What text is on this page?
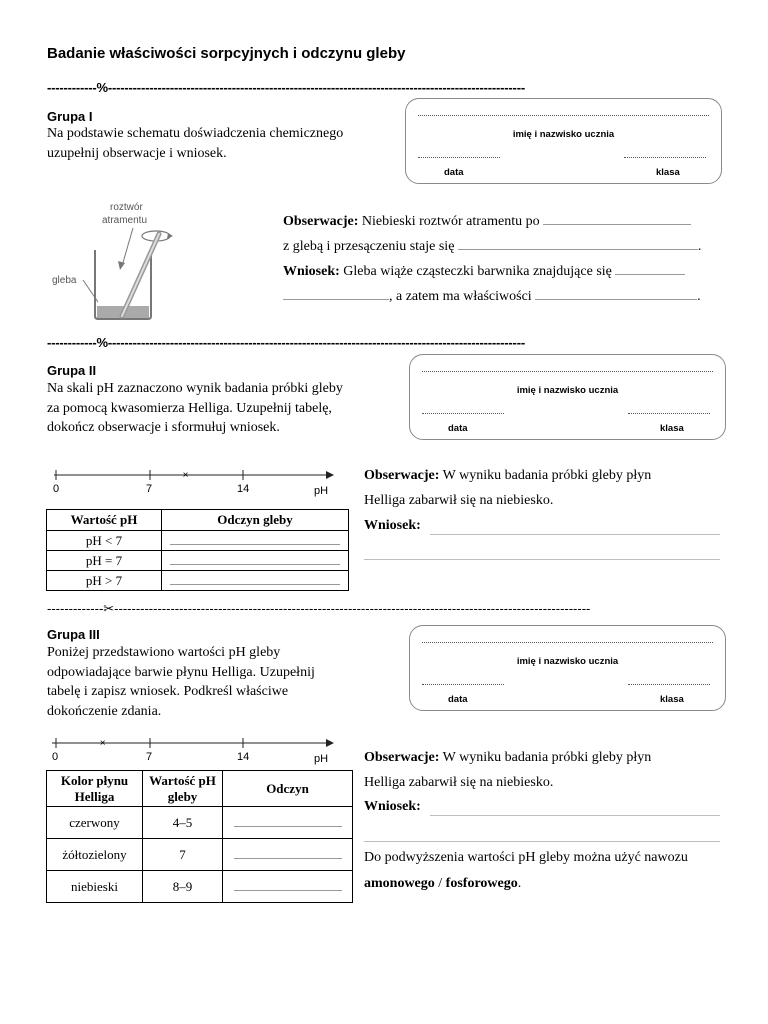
Badanie właściwości sorpcyjnych i odczynu gleby
------------%-----------------------------------------------------------------------------------------------------
Grupa I
Na podstawie schematu doświadczenia chemicznego
uzupełnij obserwacje i wniosek.
imię i nazwisko ucznia
data	klasa
roztwór
atramentu
gleba
Obserwacje: Niebieski roztwór atramentu po
z glebą i przesączeniu staje się	.
Wniosek: Gleba wiąże cząsteczki barwnika znajdujące się
, a zatem ma właściwości	.
------------%-----------------------------------------------------------------------------------------------------
Grupa II
Na skali pH zaznaczono wynik badania próbki gleby
za pomocą kwasomierza Helliga. Uzupełnij tabelę,
dokończ obserwacje i sformułuj wniosek.
imię i nazwisko ucznia
data	klasa
0	7	14	pH
×
Wartość pH	Odczyn gleby
pH < 7	
pH = 7	
pH > 7	
Obserwacje: W wyniku badania próbki gleby płyn
Helliga zabarwił się na niebiesko.
Wniosek:
-------------✂--------------------------------------------------------------------------------------------------------------
Grupa III
Poniżej przedstawiono wartości pH gleby
odpowiadające barwie płynu Helliga. Uzupełnij
tabelę i zapisz wniosek. Podkreśl właściwe
dokończenie zdania.
imię i nazwisko ucznia
data	klasa
0	7	14	pH
×
Kolor płynu Helliga	Wartość pH gleby	Odczyn
czerwony	4–5	
żółtozielony	7	
niebieski	8–9	
Obserwacje: W wyniku badania próbki gleby płyn
Helliga zabarwił się na niebiesko.
Wniosek:
Do podwyższenia wartości pH gleby można użyć nawozu
amonowego / fosforowego.
